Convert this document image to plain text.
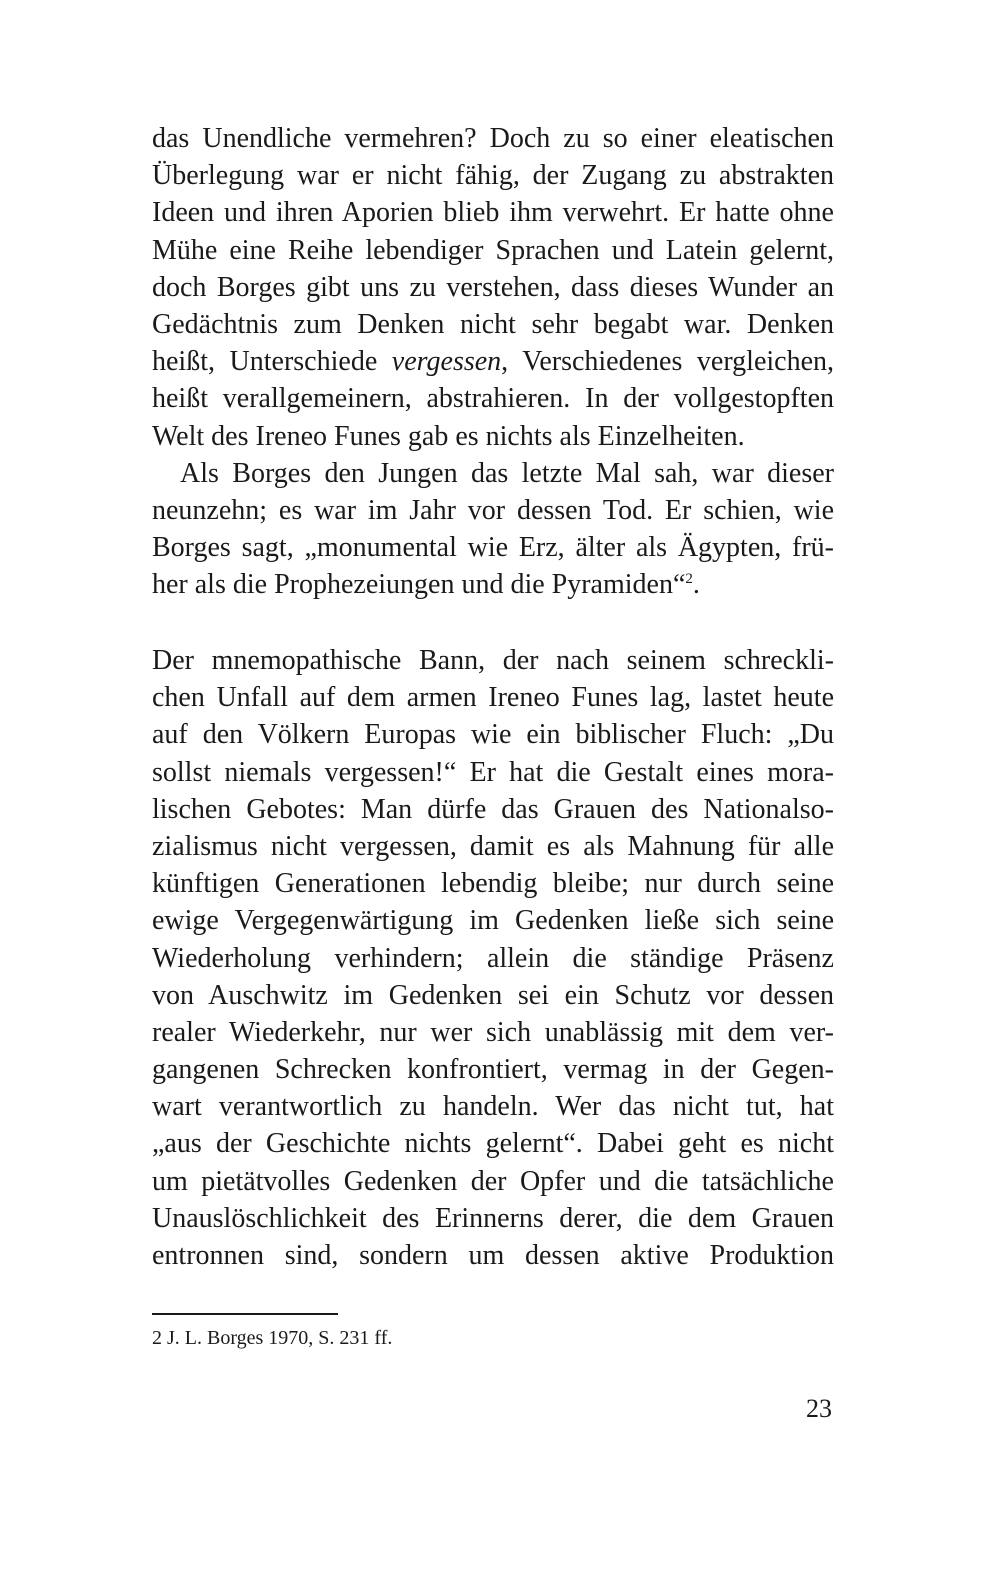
das Unendliche vermehren? Doch zu so einer eleatischen
Überlegung war er nicht fähig, der Zugang zu abstrakten
Ideen und ihren Aporien blieb ihm verwehrt. Er hatte ohne
Mühe eine Reihe lebendiger Sprachen und Latein gelernt,
doch Borges gibt uns zu verstehen, dass dieses Wunder an
Gedächtnis zum Denken nicht sehr begabt war. Denken
heißt, Unterschiede vergessen, Verschiedenes vergleichen,
heißt verallgemeinern, abstrahieren. In der vollgestopften
Welt des Ireneo Funes gab es nichts als Einzelheiten.
Als Borges den Jungen das letzte Mal sah, war dieser
neunzehn; es war im Jahr vor dessen Tod. Er schien, wie
Borges sagt, „monumental wie Erz, älter als Ägypten, frü-
her als die Prophezeiungen und die Pyramiden“$^2$.
Der mnemopathische Bann, der nach seinem schreckli-
chen Unfall auf dem armen Ireneo Funes lag, lastet heute
auf den Völkern Europas wie ein biblischer Fluch: „Du
sollst niemals vergessen!“ Er hat die Gestalt eines mora-
lischen Gebotes: Man dürfe das Grauen des Nationalso-
zialismus nicht vergessen, damit es als Mahnung für alle
künftigen Generationen lebendig bleibe; nur durch seine
ewige Vergegenwärtigung im Gedenken ließe sich seine
Wiederholung verhindern; allein die ständige Präsenz
von Auschwitz im Gedenken sei ein Schutz vor dessen
realer Wiederkehr, nur wer sich unablässig mit dem ver-
gangenen Schrecken konfrontiert, vermag in der Gegen-
wart verantwortlich zu handeln. Wer das nicht tut, hat
„aus der Geschichte nichts gelernt“. Dabei geht es nicht
um pietätvolles Gedenken der Opfer und die tatsächliche
Unauslöschlichkeit des Erinnerns derer, die dem Grauen
entronnen sind, sondern um dessen aktive Produktion
2 J. L. Borges 1970, S. 231 ff.
23
